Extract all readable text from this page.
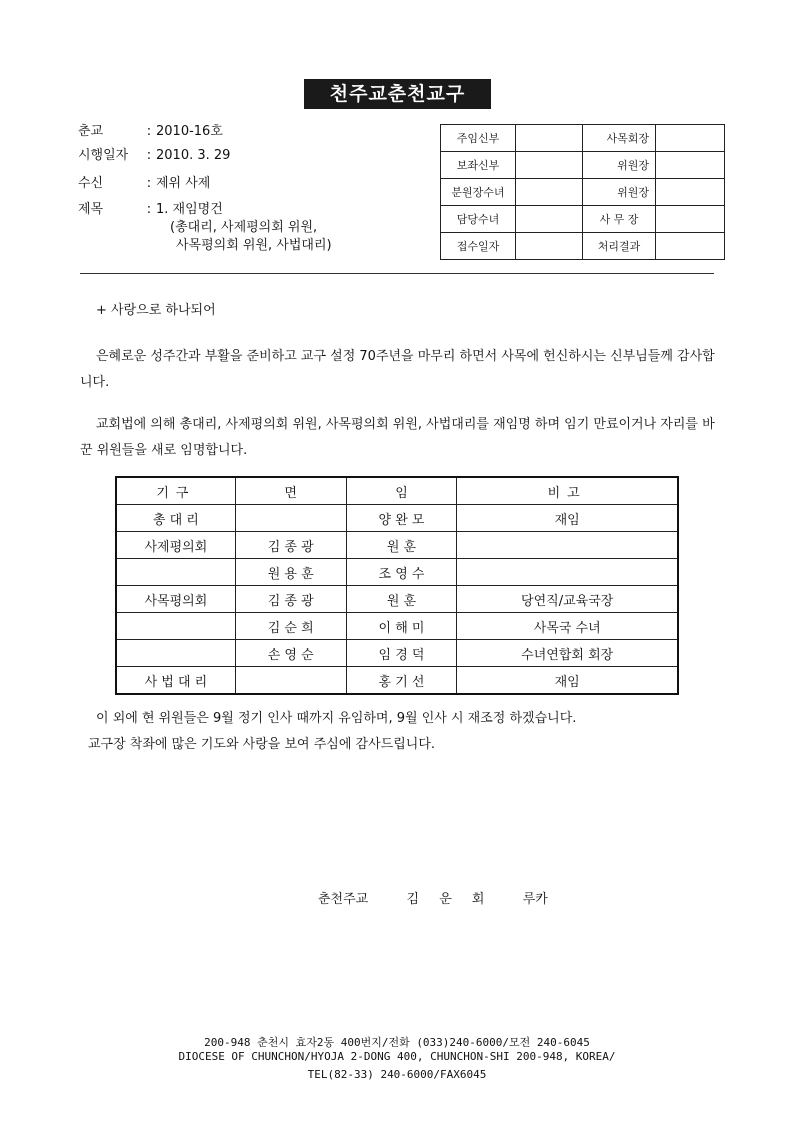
천주교춘천교구
춘교	: 2010-16호
시행일자 : 2010. 3. 29
수신	: 제위 사제
제목	: 1. 재임명건
(총대리, 사제평의회 위원,
사목평의회 위원, 사법대리)
주임신부		사목회장	
보좌신부		위원장	
분원장수녀		위원장	
담당수녀		사 무 장	
접수일자		처리결과	
+ 사랑으로 하나되어
은혜로운 성주간과 부활을 준비하고 교구 설정 70주년을 마무리 하면서 사목에 헌신하시는 신부님들께 감사합니다.
교회법에 의해 총대리, 사제평의회 위원, 사목평의회 위원, 사법대리를 재임명 하며 임기 만료이거나 자리를 바꾼 위원들을 새로 임명합니다.
기구	면	임	비고
총 대 리		양 완 모	재임
사제평의회	김 종 광	원 훈	
	원 용 훈	조 영 수	
사목평의회	김 종 광	원 훈	당연직/교육국장
	김 순 희	이 해 미	사목국 수녀
	손 영 순	임 경 덕	수녀연합회 회장
사 법 대 리		홍 기 선	재임
이 외에 현 위원들은 9월 정기 인사 때까지 유임하며, 9월 인사 시 재조정 하겠습니다.
교구장 착좌에 많은 기도와 사랑을 보여 주심에 감사드립니다.
춘천주교	김 운 회 루카
200-948 춘천시 효자2동 400번지/전화 (033)240-6000/모전 240-6045
DIOCESE OF CHUNCHON/HYOJA 2-DONG 400, CHUNCHON-SHI 200-948, KOREA/
TEL(82-33) 240-6000/FAX6045
